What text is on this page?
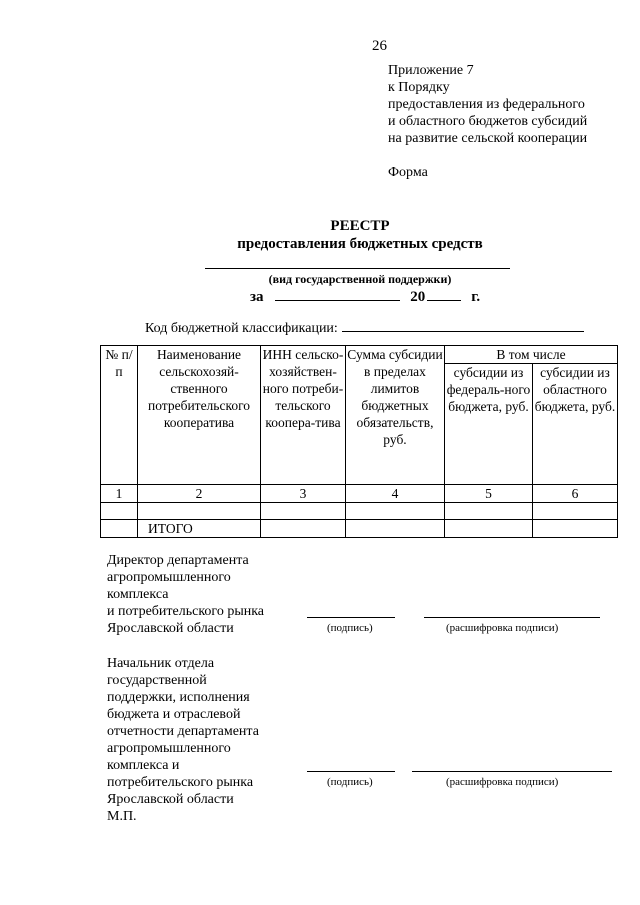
26
Приложение 7
к Порядку
предоставления из федерального
и областного бюджетов субсидий
на развитие сельской кооперации
Форма
РЕЕСТР
предоставления бюджетных средств
(вид государственной поддержки)
за	20	г.
Код бюджетной классификации:
№ п/п	Наименование сельскохозяй-ственного потребительского кооператива	ИНН сельско-хозяйствен-ного потреби-тельского коопера-тива	Сумма субсидии в пределах лимитов бюджетных обязательств, руб.	В том числе	
				субсидии из федераль-ного бюджета, руб.	субсидии из областного бюджета, руб.
1	2	3	4	5	6

	ИТОГО				
Директор департамента
агропромышленного
комплекса
и потребительского рынка
Ярославской области	(подпись)	(расшифровка подписи)
Начальник отдела
государственной
поддержки, исполнения
бюджета и отраслевой
отчетности департамента
агропромышленного
комплекса и
потребительского рынка
Ярославской области
М.П.
(подпись)	(расшифровка подписи)
